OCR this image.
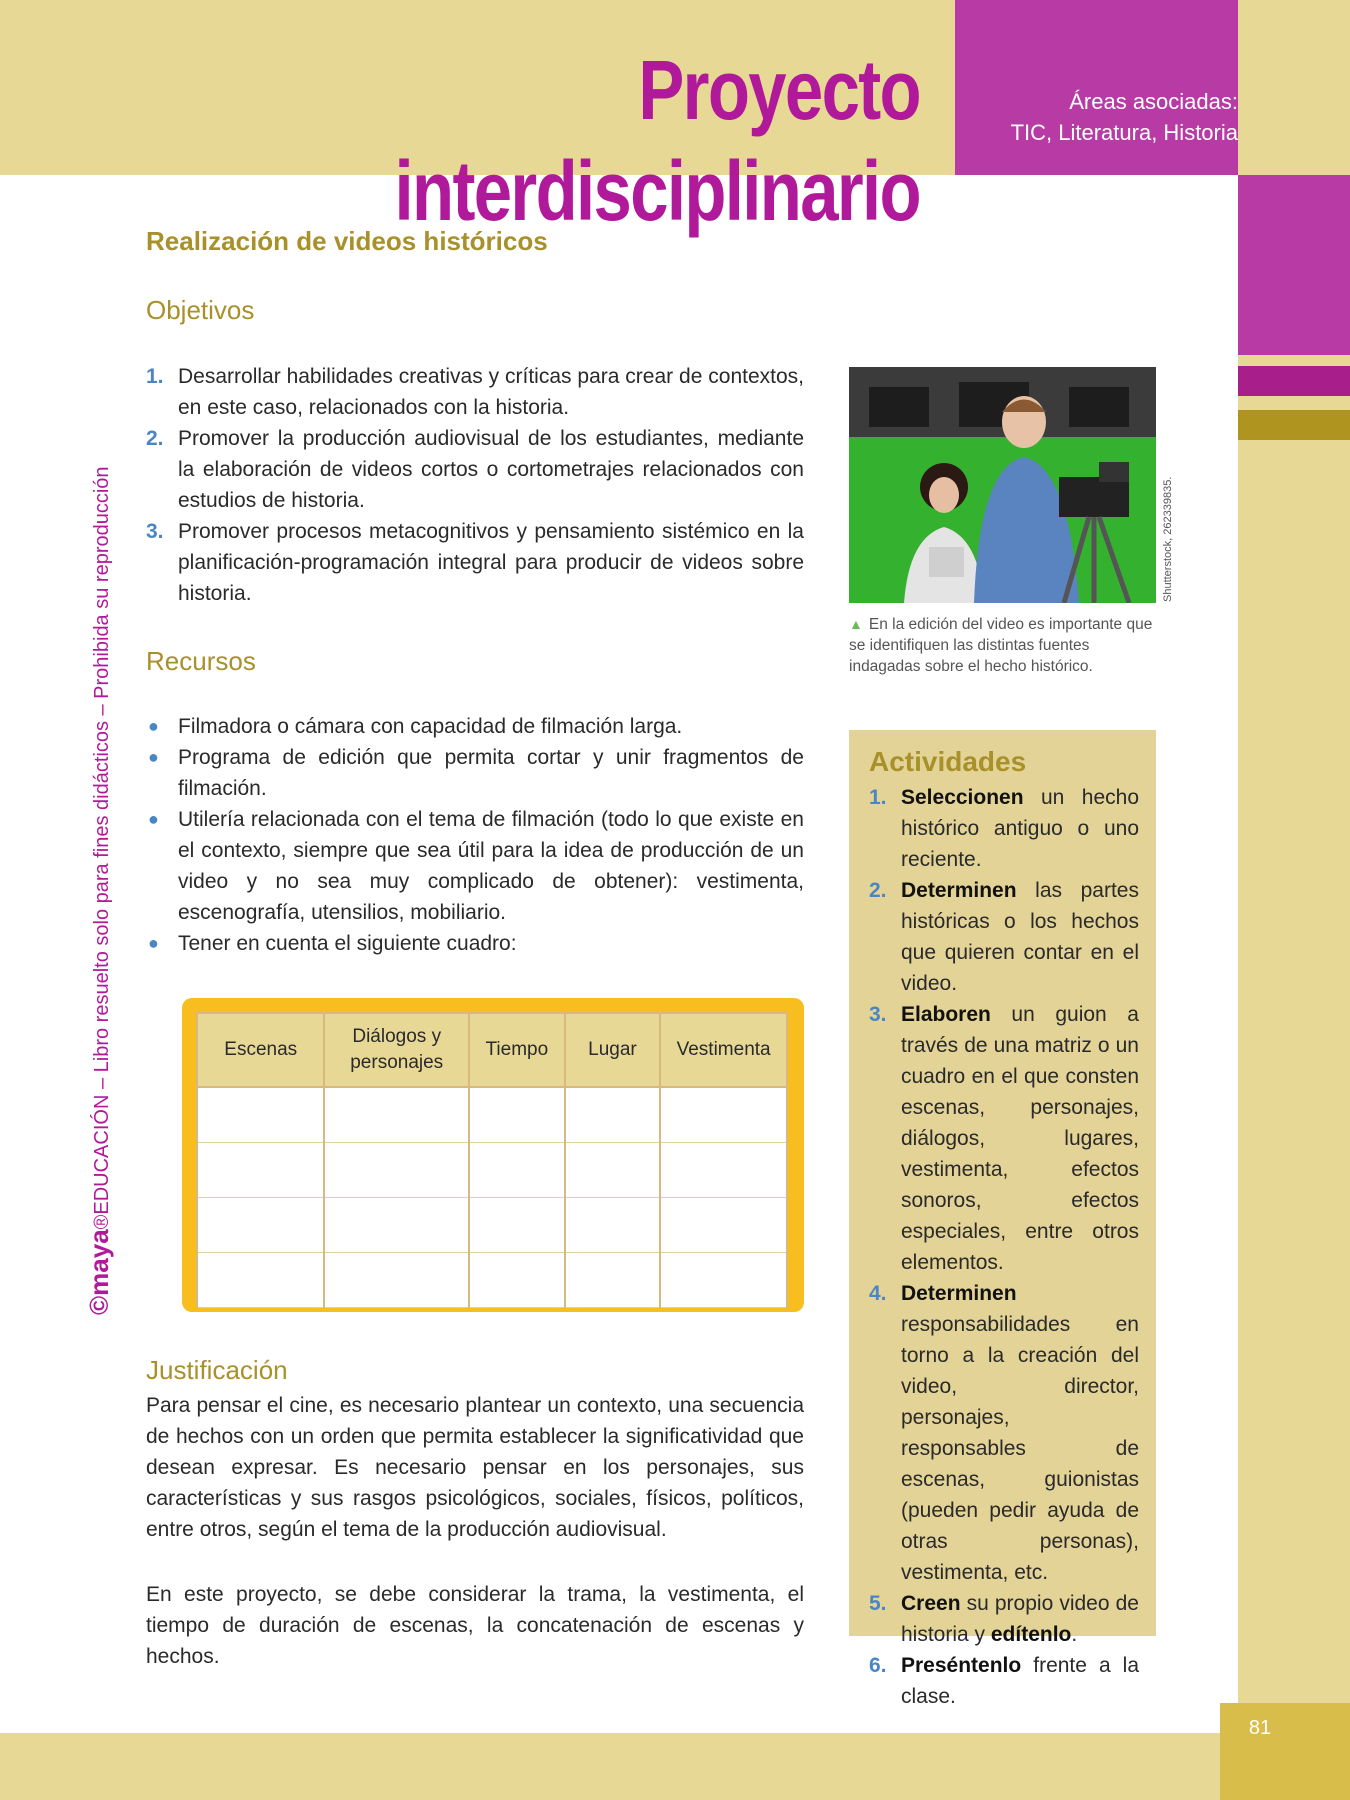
81
Proyecto interdisciplinario
Áreas asociadas:
TIC, Literatura, Historia
©maya®EDUCACIÓN – Libro resuelto solo para fines didácticos – Prohibida su reproducción
Realización de videos históricos
Objetivos
1. Desarrollar habilidades creativas y críticas para crear de contextos, en este caso, relacionados con la historia.
2. Promover la producción audiovisual de los estudiantes, mediante la elaboración de videos cortos o cortometrajes relacionados con estudios de historia.
3. Promover procesos metacognitivos y pensamiento sistémico en la planificación-programación integral para producir de videos sobre historia.	Shutterstock, 262339835.
▲ En la edición del video es importante que se identifiquen las distintas fuentes indagadas sobre el hecho histórico.
Recursos
● Filmadora o cámara con capacidad de filmación larga.
● Programa de edición que permita cortar y unir fragmentos de filmación.
● Utilería relacionada con el tema de filmación (todo lo que existe en el contexto, siempre que sea útil para la idea de producción de un video y no sea muy complicado de obtener): vestimenta, escenografía, utensilios, mobiliario.
● Tener en cuenta el siguiente cuadro:
Escenas	Diálogos y personajes	Tiempo	Lugar	Vestimenta

Actividades
1. Seleccionen un hecho histórico antiguo o uno reciente.
2. Determinen las partes históricas o los hechos que quieren contar en el video.
3. Elaboren un guion a través de una matriz o un cuadro en el que consten escenas, personajes, diálogos, lugares, vestimenta, efectos sonoros, efectos especiales, entre otros elementos.
4. Determinen responsabilidades en torno a la creación del video, director, personajes, responsables de escenas, guionistas (pueden pedir ayuda de otras personas), vestimenta, etc.
5. Creen su propio video de historia y edítenlo.
6. Preséntenlo frente a la clase.
Justificación

Para pensar el cine, es necesario plantear un contexto, una secuencia de hechos con un orden que permita establecer la significatividad que desean expresar. Es necesario pensar en los personajes, sus características y sus rasgos psicológicos, sociales, físicos, políticos, entre otros, según el tema de la producción audiovisual.

En este proyecto, se debe considerar la trama, la vestimenta, el tiempo de duración de escenas, la concatenación de escenas y hechos.
